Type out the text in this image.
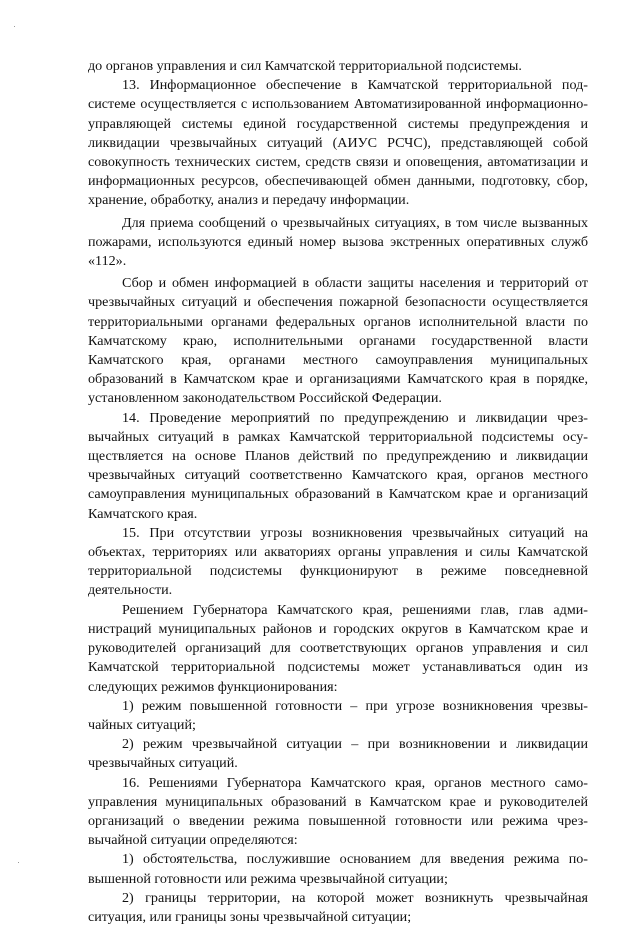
до органов управления и сил Камчатской территориальной подсистемы.

13. Информационное обеспечение в Камчатской территориальной подсистеме осуществляется с использованием Автоматизированной информационно-управляющей системы единой государственной системы предупреждения и ликвидации чрезвычайных ситуаций (АИУС РСЧС), представляющей собой совокупность технических систем, средств связи и оповещения, автоматизации и информационных ресурсов, обеспечивающей обмен данными, подготовку, сбор, хранение, обработку, анализ и передачу информации.

Для приема сообщений о чрезвычайных ситуациях, в том числе вызванных пожарами, используются единый номер вызова экстренных оперативных служб «112».

Сбор и обмен информацией в области защиты населения и территорий от чрезвычайных ситуаций и обеспечения пожарной безопасности осуществляется территориальными органами федеральных органов исполнительной власти по Камчатскому краю, исполнительными органами государственной власти Камчатского края, органами местного самоуправления муниципальных образований в Камчатском крае и организациями Камчатского края в порядке, установленном законодательством Российской Федерации.

14. Проведение мероприятий по предупреждению и ликвидации чрезвычайных ситуаций в рамках Камчатской территориальной подсистемы осуществляется на основе Планов действий по предупреждению и ликвидации чрезвычайных ситуаций соответственно Камчатского края, органов местного самоуправления муниципальных образований в Камчатском крае и организаций Камчатского края.

15. При отсутствии угрозы возникновения чрезвычайных ситуаций на объектах, территориях или акваториях органы управления и силы Камчатской территориальной подсистемы функционируют в режиме повседневной деятельности.

Решением Губернатора Камчатского края, решениями глав, глав администраций муниципальных районов и городских округов в Камчатском крае и руководителей организаций для соответствующих органов управления и сил Камчатской территориальной подсистемы может устанавливаться один из следующих режимов функционирования:

1) режим повышенной готовности – при угрозе возникновения чрезвычайных ситуаций;

2) режим чрезвычайной ситуации – при возникновении и ликвидации чрезвычайных ситуаций.

16. Решениями Губернатора Камчатского края, органов местного самоуправления муниципальных образований в Камчатском крае и руководителей организаций о введении режима повышенной готовности или режима чрезвычайной ситуации определяются:

1) обстоятельства, послужившие основанием для введения режима повышенной готовности или режима чрезвычайной ситуации;

2) границы территории, на которой может возникнуть чрезвычайная ситуация, или границы зоны чрезвычайной ситуации;
